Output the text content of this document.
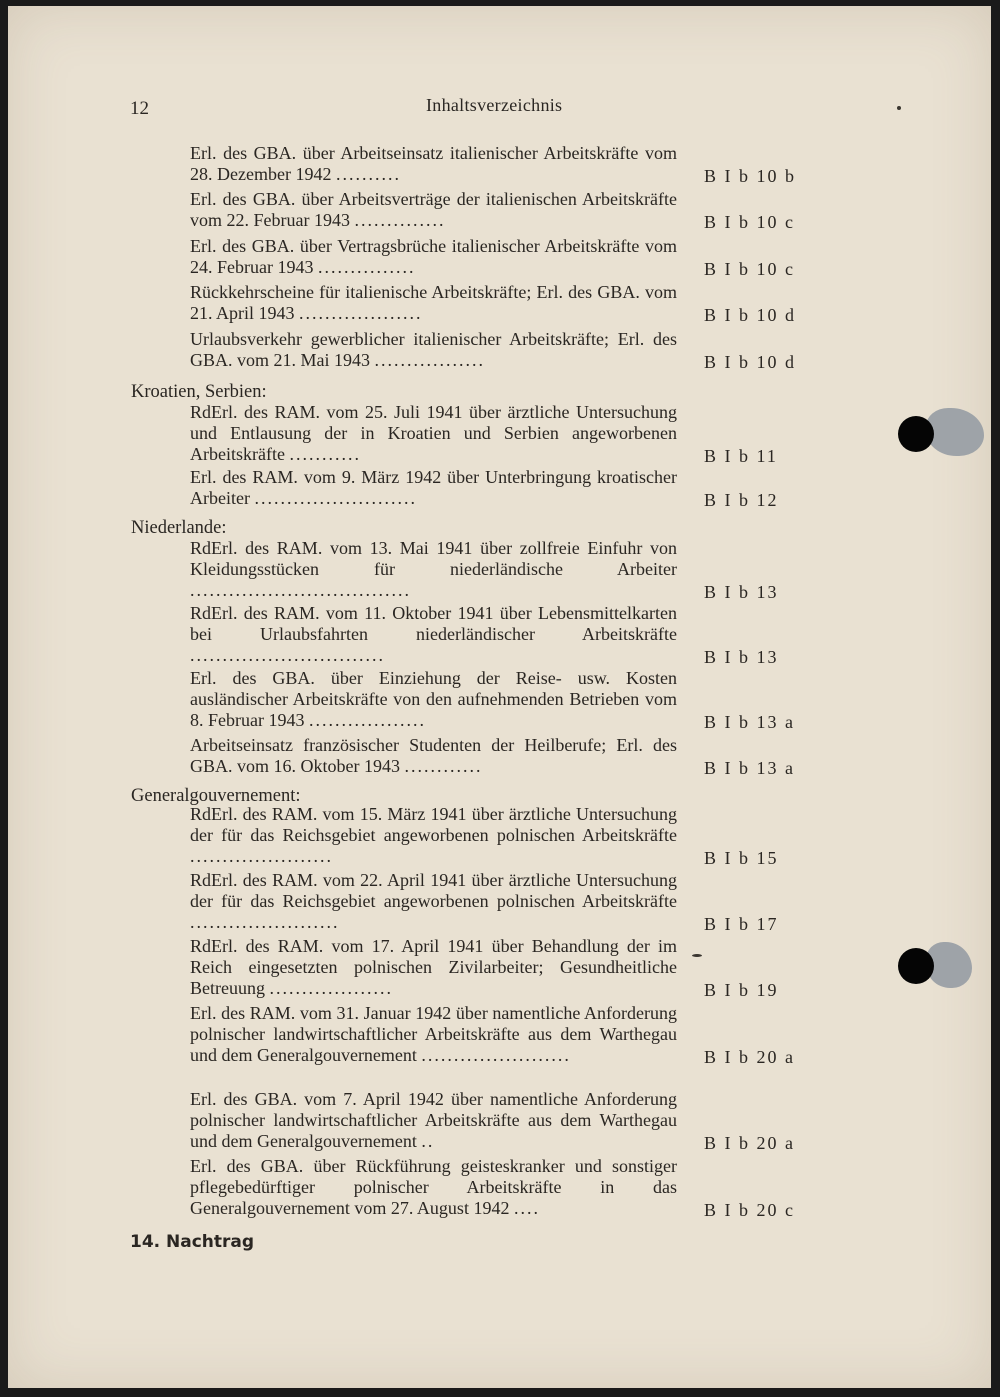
12	Inhaltsverzeichnis
Erl. des GBA. über Arbeitseinsatz italienischer Arbeitskräfte vom 28. Dezember 1942 ..........	B I b 10 b
Erl. des GBA. über Arbeitsverträge der italienischen Arbeitskräfte vom 22. Februar 1943 ..............	B I b 10 c
Erl. des GBA. über Vertragsbrüche italienischer Arbeitskräfte vom 24. Februar 1943 ...............	B I b 10 c
Rückkehrscheine für italienische Arbeitskräfte; Erl. des GBA. vom 21. April 1943 ...................	B I b 10 d
Urlaubsverkehr gewerblicher italienischer Arbeitskräfte; Erl. des GBA. vom 21. Mai 1943 .................	B I b 10 d
Kroatien, Serbien:
RdErl. des RAM. vom 25. Juli 1941 über ärztliche Untersuchung und Entlausung der in Kroatien und Serbien angeworbenen Arbeitskräfte ...........	B I b 11
Erl. des RAM. vom 9. März 1942 über Unterbringung kroatischer Arbeiter .........................	B I b 12
Niederlande:
RdErl. des RAM. vom 13. Mai 1941 über zollfreie Einfuhr von Kleidungsstücken für niederländische Arbeiter ..................................	B I b 13
RdErl. des RAM. vom 11. Oktober 1941 über Lebensmittelkarten bei Urlaubsfahrten niederländischer Arbeitskräfte ..............................	B I b 13
Erl. des GBA. über Einziehung der Reise- usw. Kosten ausländischer Arbeitskräfte von den aufnehmenden Betrieben vom 8. Februar 1943 ..................	B I b 13 a
Arbeitseinsatz französischer Studenten der Heilberufe; Erl. des GBA. vom 16. Oktober 1943 ............	B I b 13 a
Generalgouvernement:
RdErl. des RAM. vom 15. März 1941 über ärztliche Untersuchung der für das Reichsgebiet angeworbenen polnischen Arbeitskräfte ......................	B I b 15
RdErl. des RAM. vom 22. April 1941 über ärztliche Untersuchung der für das Reichsgebiet angeworbenen polnischen Arbeitskräfte .......................	B I b 17
RdErl. des RAM. vom 17. April 1941 über Behandlung der im Reich eingesetzten polnischen Zivilarbeiter; Gesundheitliche Betreuung ...................	B I b 19
Erl. des RAM. vom 31. Januar 1942 über namentliche Anforderung polnischer landwirtschaftlicher Arbeitskräfte aus dem Warthegau und dem Generalgouvernement .......................	B I b 20 a
Erl. des GBA. vom 7. April 1942 über namentliche Anforderung polnischer landwirtschaftlicher Arbeitskräfte aus dem Warthegau und dem Generalgouvernement ..	B I b 20 a
Erl. des GBA. über Rückführung geisteskranker und sonstiger pflegebedürftiger polnischer Arbeitskräfte in das Generalgouvernement vom 27. August 1942 ....	B I b 20 c
14. Nachtrag
